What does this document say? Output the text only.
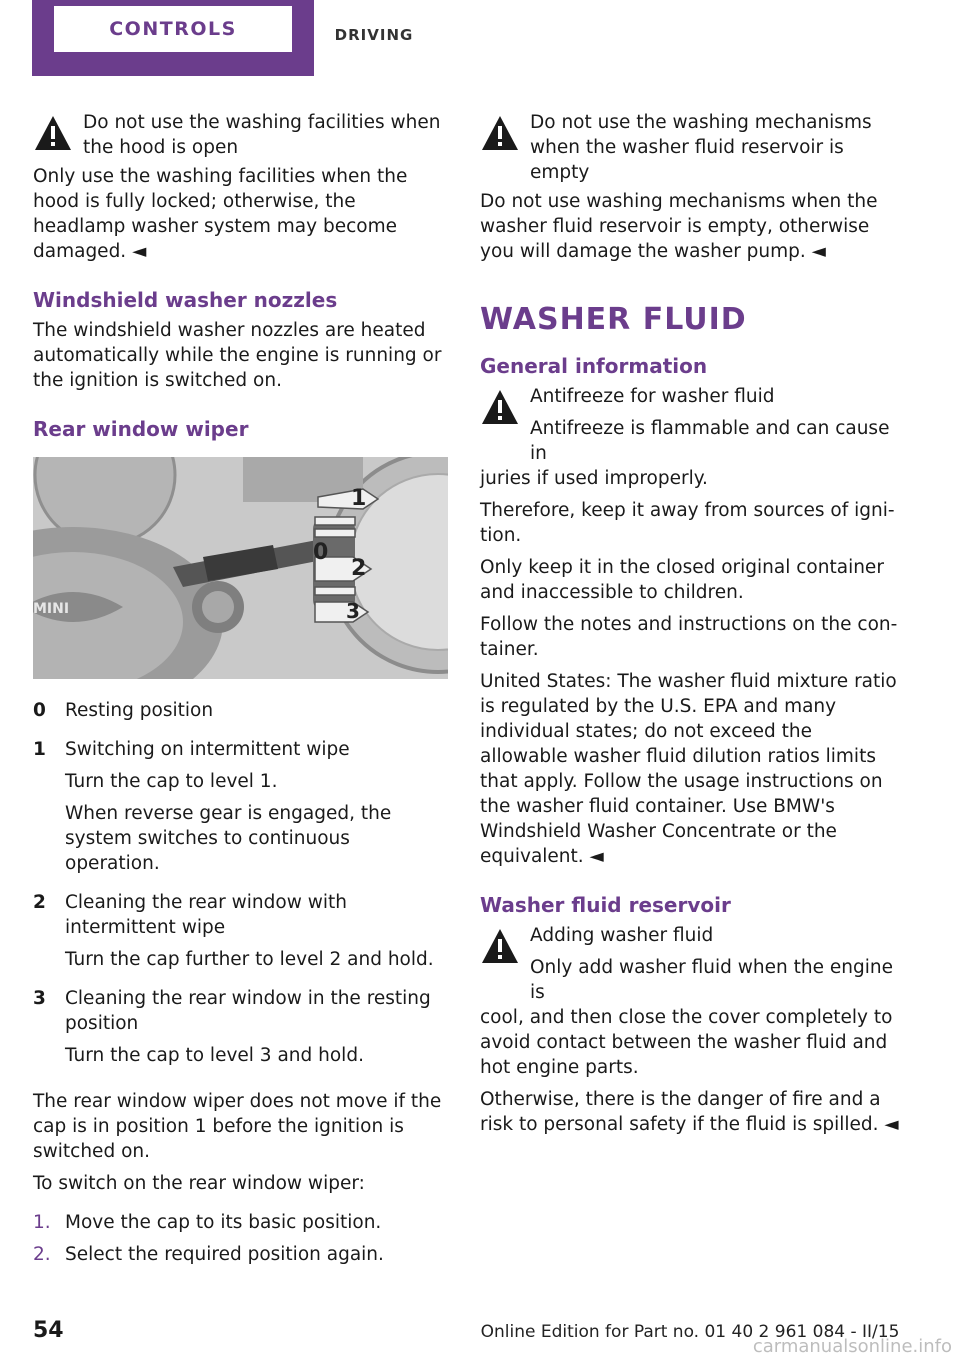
CONTROLS	DRIVING
Do not use the washing facilities when
the hood is open

Only use the washing facilities when the hood is fully locked; otherwise, the headlamp washer system may become damaged. ◄

Windshield washer nozzles

The windshield washer nozzles are heated automatically while the engine is running or the ignition is switched on.

Rear window wiper
MINI
1
0
2
3
0	Resting position

1	Switching on intermittent wipe

Turn the cap to level 1.

When reverse gear is engaged, the system switches to continuous operation.

2	Cleaning the rear window with intermittent wipe

Turn the cap further to level 2 and hold.

3	Cleaning the rear window in the resting position

Turn the cap to level 3 and hold.

The rear window wiper does not move if the cap is in position 1 before the ignition is switched on.

To switch on the rear window wiper:

1. Move the cap to its basic position.
2. Select the required position again.
Do not use the washing mechanisms
when the washer fluid reservoir is empty

Do not use washing mechanisms when the washer fluid reservoir is empty, otherwise you will damage the washer pump. ◄

WASHER FLUID
General information
Antifreeze for washer fluid
Antifreeze is flammable and can cause in

juries if used improperly.

Therefore, keep it away from sources of ignition.

Only keep it in the closed original container and inaccessible to children.

Follow the notes and instructions on the container.

United States: The washer fluid mixture ratio is regulated by the U.S. EPA and many individual states; do not exceed the allowable washer fluid dilution ratios limits that apply. Follow the usage instructions on the washer fluid container. Use BMW's Windshield Washer Concentrate or the equivalent. ◄

Washer fluid reservoir
Adding washer fluid
Only add washer fluid when the engine is

cool, and then close the cover completely to avoid contact between the washer fluid and hot engine parts.

Otherwise, there is the danger of fire and a risk to personal safety if the fluid is spilled. ◄

54	Online Edition for Part no. 01 40 2 961 084 - II/15
carmanualsonline.info
